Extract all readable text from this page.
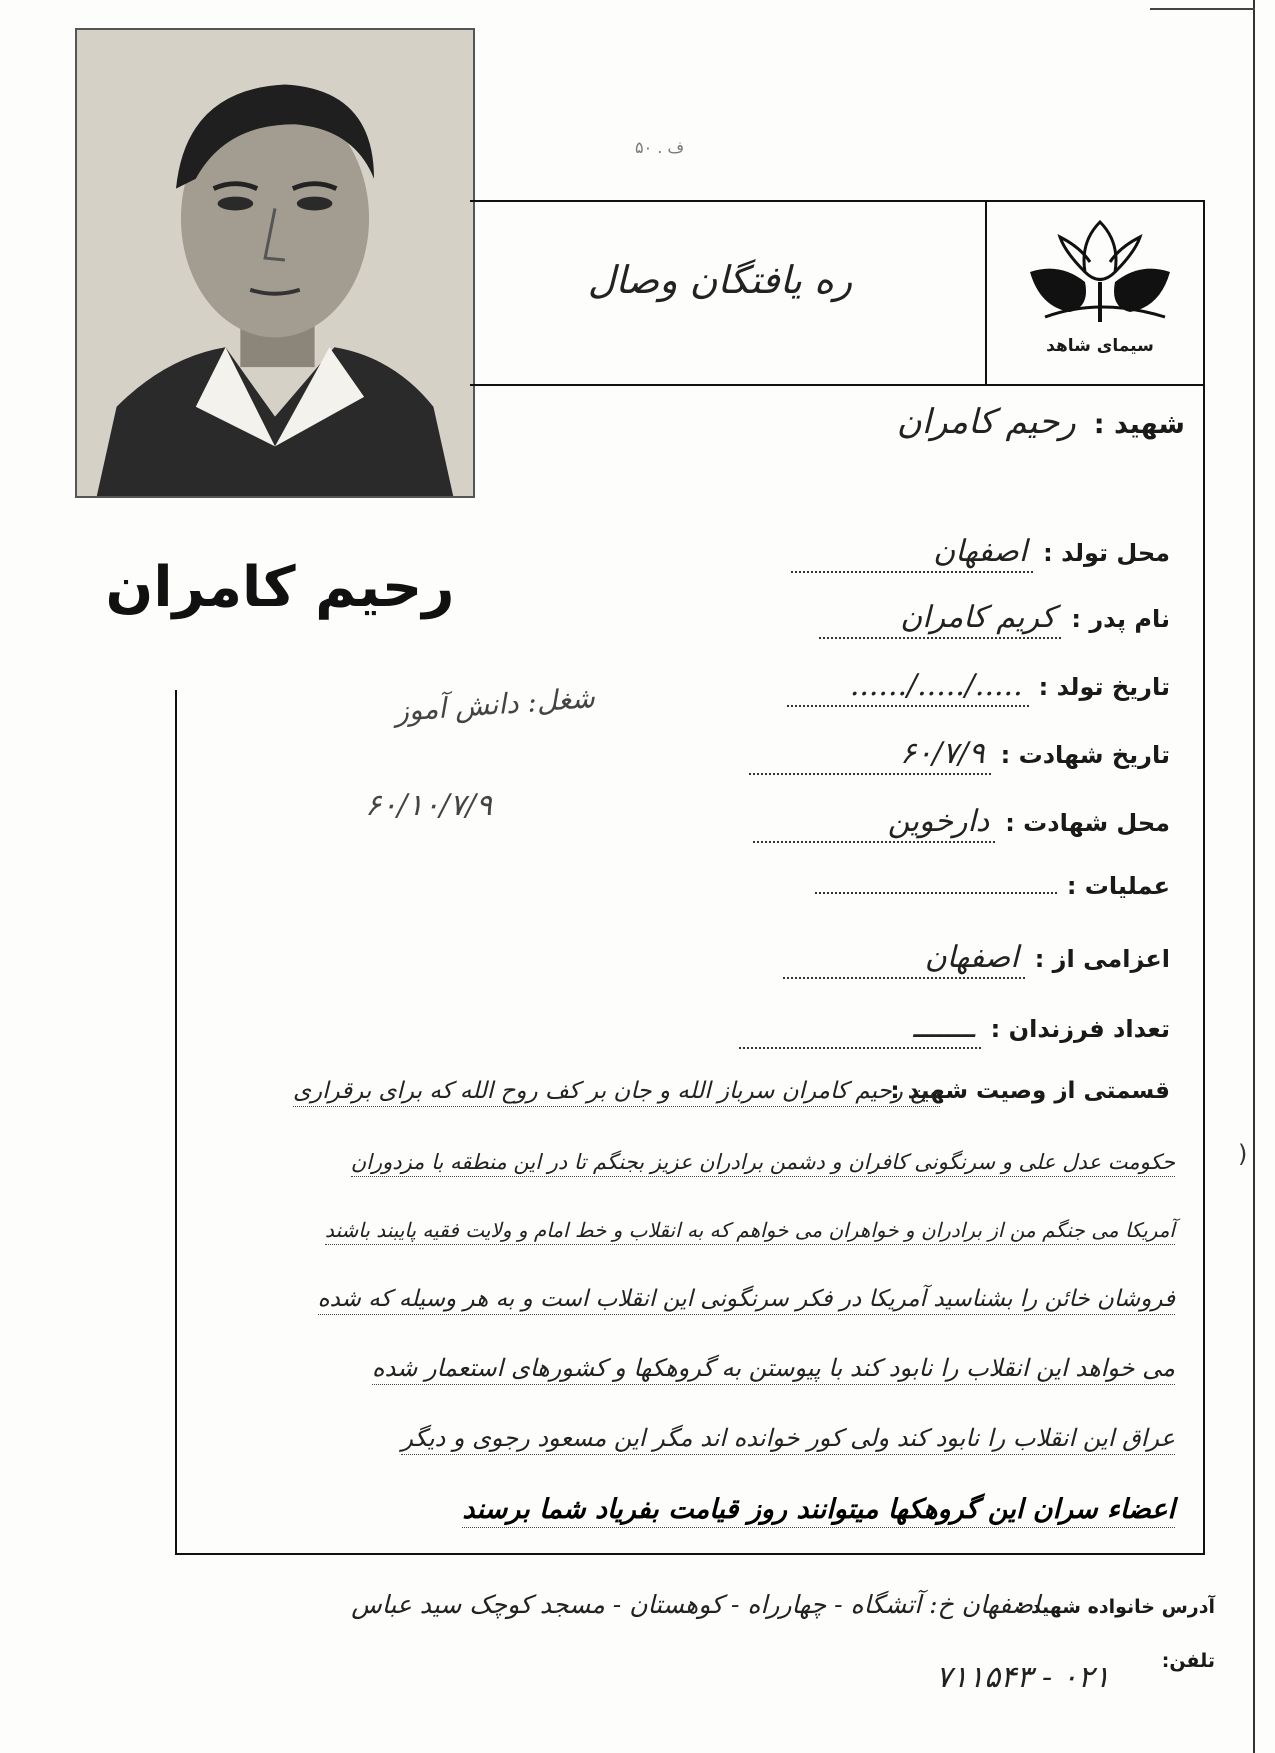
ف . ۵۰
ره یافتگان وصال
سیمای شاهد
شهید :
رحیم کامران
رحیم کامران
شغل: دانش آموز
۶۰/۱۰/۷/۹
محل تولد :
اصفهان
نام پدر :
کریم کامران
تاریخ تولد :
...../...../......
تاریخ شهادت :
۶۰/۷/۹
محل شهادت :
دارخوین
عملیات :
اعزامی از :
اصفهان
تعداد فرزندان :
ـــــــ
قسمتی از وصیت شهید :
من رحیم کامران سرباز الله و جان بر کف روح الله که برای برقراری
حکومت عدل علی و سرنگونی کافران و دشمن برادران عزیز بجنگم تا در این منطقه با مزدوران
آمریکا می جنگم من از برادران و خواهران می خواهم که به انقلاب و خط امام و ولایت فقیه پایبند باشند
فروشان خائن را بشناسید آمریکا در فکر سرنگونی این انقلاب است و به هر وسیله که شده
می خواهد این انقلاب را نابود کند با پیوستن به گروهکها و کشورهای استعمار شده
عراق این انقلاب را نابود کند ولی کور خوانده اند مگر این مسعود رجوی و دیگر
اعضاء سران این گروهکها میتوانند روز قیامت بفریاد شما برسند
)
آدرس خانواده شهید :
اصفهان خ: آتشگاه - چهارراه - کوهستان - مسجد کوچک سید عباس
تلفن:
۰۲۱ - ۷۱۱۵۴۳
